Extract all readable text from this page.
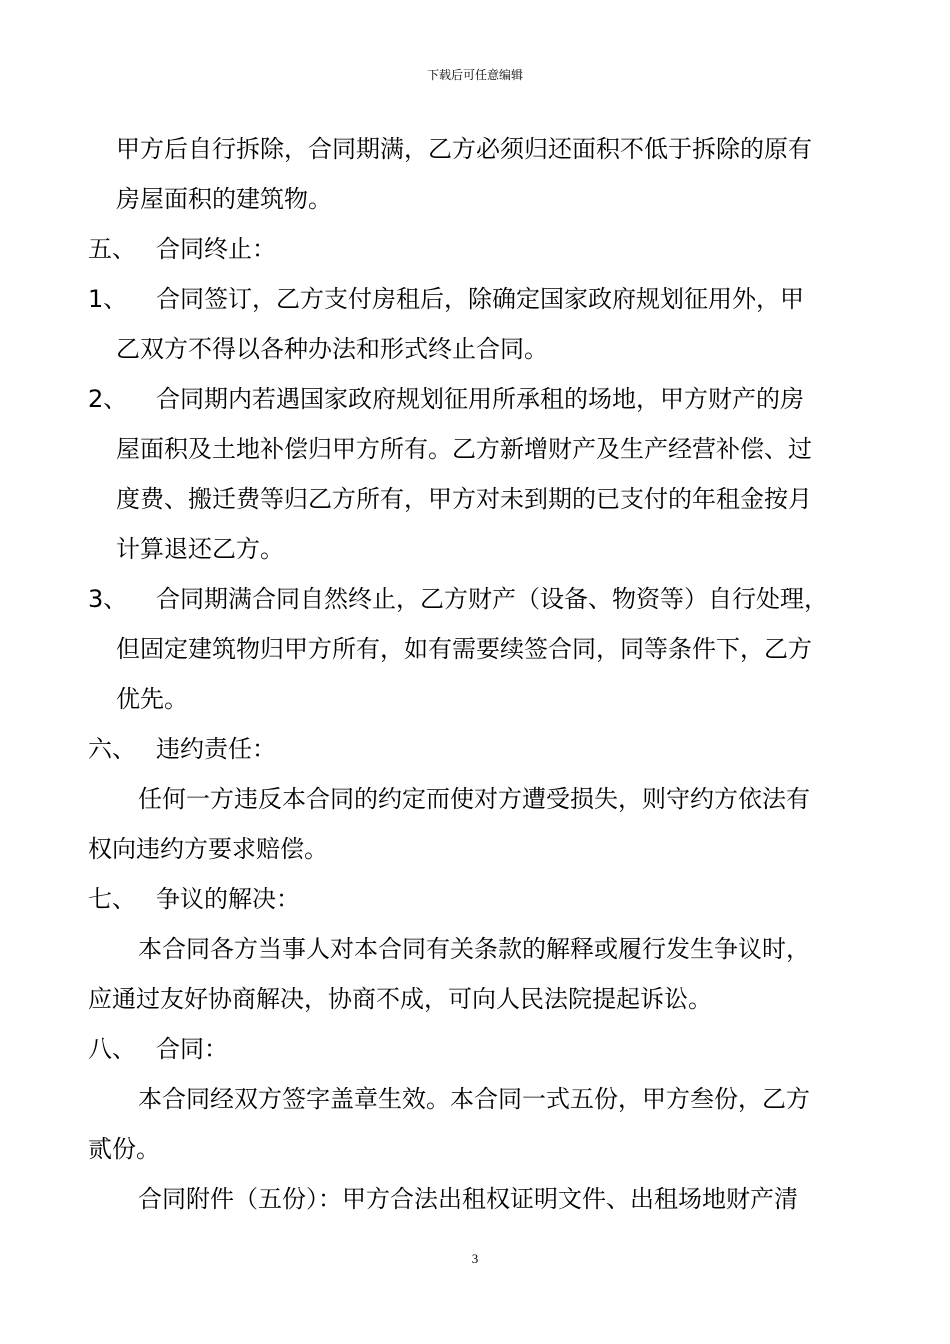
下载后可任意编辑
甲方后自行拆除，合同期满，乙方必须归还面积不低于拆除的原有
房屋面积的建筑物。
五、 合同终止：
1、 合同签订，乙方支付房租后，除确定国家政府规划征用外，甲
乙双方不得以各种办法和形式终止合同。
2、 合同期内若遇国家政府规划征用所承租的场地，甲方财产的房
屋面积及土地补偿归甲方所有。乙方新增财产及生产经营补偿、过
度费、搬迁费等归乙方所有，甲方对未到期的已支付的年租金按月
计算退还乙方。
3、 合同期满合同自然终止，乙方财产（设备、物资等）自行处理，
但固定建筑物归甲方所有，如有需要续签合同，同等条件下，乙方
优先。
六、 违约责任：
任何一方违反本合同的约定而使对方遭受损失，则守约方依法有
权向违约方要求赔偿。
七、 争议的解决：
本合同各方当事人对本合同有关条款的解释或履行发生争议时，
应通过友好协商解决，协商不成，可向人民法院提起诉讼。
八、 合同：
本合同经双方签字盖章生效。本合同一式五份，甲方叁份，乙方
贰份。
合同附件（五份）：甲方合法出租权证明文件、出租场地财产清
3
